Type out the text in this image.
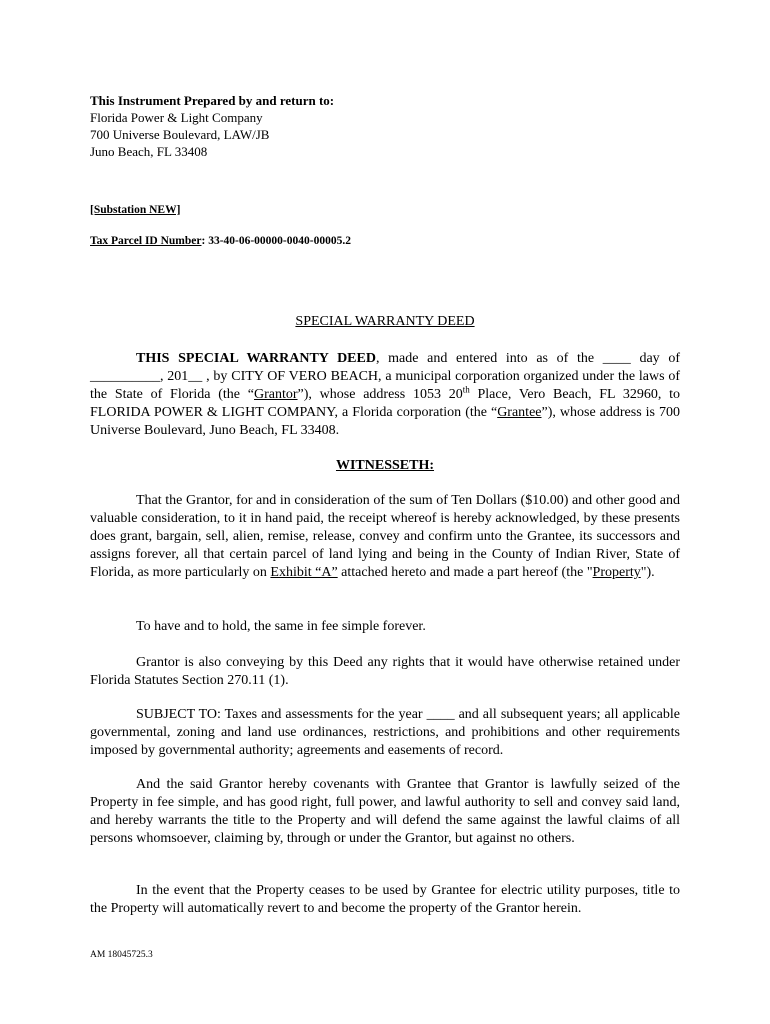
This Instrument Prepared by and return to:
Florida Power & Light Company
700 Universe Boulevard, LAW/JB
Juno Beach, FL 33408
[Substation NEW]
Tax Parcel ID Number: 33-40-06-00000-0040-00005.2
SPECIAL WARRANTY DEED
THIS SPECIAL WARRANTY DEED, made and entered into as of the ____ day of __________, 201__ , by CITY OF VERO BEACH, a municipal corporation organized under the laws of the State of Florida (the “Grantor”), whose address 1053 20th Place, Vero Beach, FL 32960, to FLORIDA POWER & LIGHT COMPANY, a Florida corporation (the “Grantee”), whose address is 700 Universe Boulevard, Juno Beach, FL 33408.
WITNESSETH:
That the Grantor, for and in consideration of the sum of Ten Dollars ($10.00) and other good and valuable consideration, to it in hand paid, the receipt whereof is hereby acknowledged, by these presents does grant, bargain, sell, alien, remise, release, convey and confirm unto the Grantee, its successors and assigns forever, all that certain parcel of land lying and being in the County of Indian River, State of Florida, as more particularly on Exhibit “A” attached hereto and made a part hereof (the "Property").
To have and to hold, the same in fee simple forever.
Grantor is also conveying by this Deed any rights that it would have otherwise retained under Florida Statutes Section 270.11 (1).
SUBJECT TO: Taxes and assessments for the year ____ and all subsequent years; all applicable governmental, zoning and land use ordinances, restrictions, and prohibitions and other requirements imposed by governmental authority; agreements and easements of record.
And the said Grantor hereby covenants with Grantee that Grantor is lawfully seized of the Property in fee simple, and has good right, full power, and lawful authority to sell and convey said land, and hereby warrants the title to the Property and will defend the same against the lawful claims of all persons whomsoever, claiming by, through or under the Grantor, but against no others.
In the event that the Property ceases to be used by Grantee for electric utility purposes, title to the Property will automatically revert to and become the property of the Grantor herein.
AM 18045725.3
